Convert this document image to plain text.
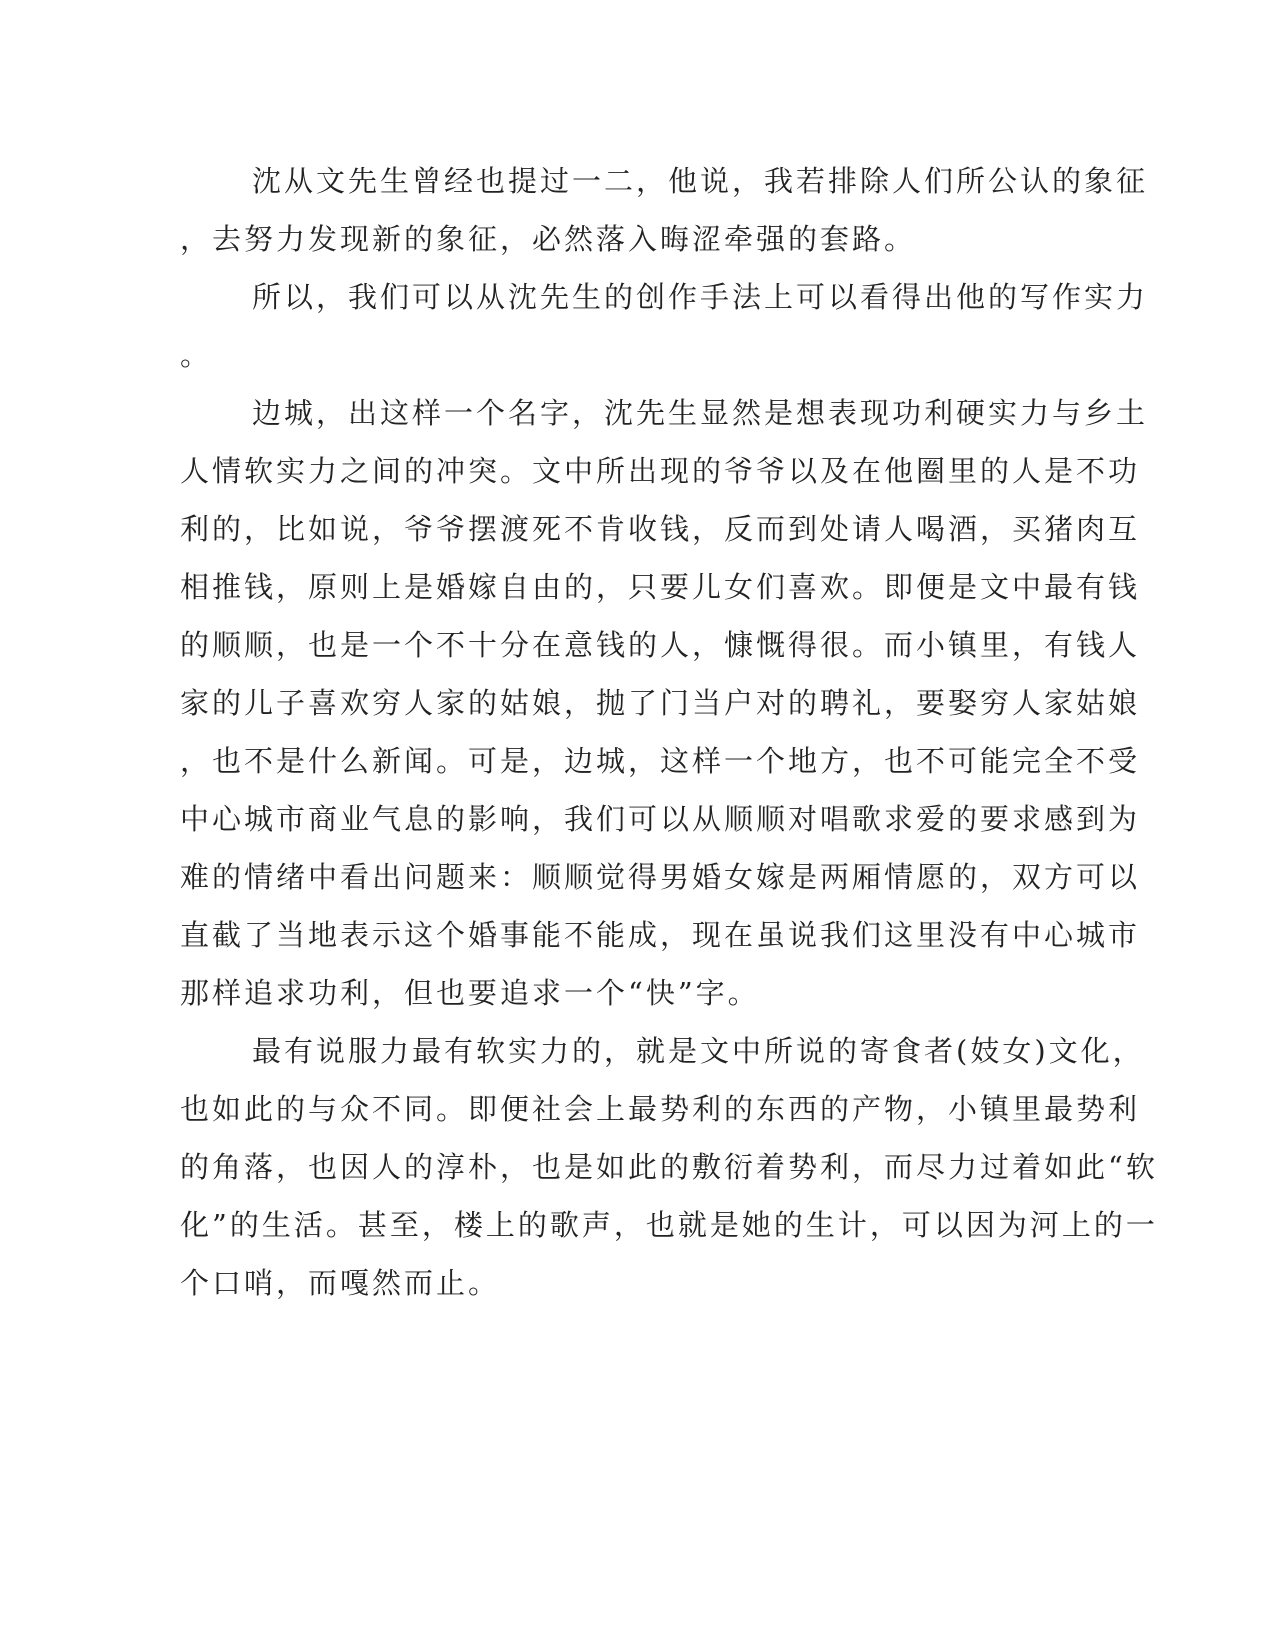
沈从文先生曾经也提过一二，他说，我若排除人们所公认的象征
，去努力发现新的象征，必然落入晦涩牵强的套路。
所以，我们可以从沈先生的创作手法上可以看得出他的写作实力
。
边城，出这样一个名字，沈先生显然是想表现功利硬实力与乡土
人情软实力之间的冲突。文中所出现的爷爷以及在他圈里的人是不功
利的，比如说，爷爷摆渡死不肯收钱，反而到处请人喝酒，买猪肉互
相推钱，原则上是婚嫁自由的，只要儿女们喜欢。即便是文中最有钱
的顺顺，也是一个不十分在意钱的人，慷慨得很。而小镇里，有钱人
家的儿子喜欢穷人家的姑娘，抛了门当户对的聘礼，要娶穷人家姑娘
，也不是什么新闻。可是，边城，这样一个地方，也不可能完全不受
中心城市商业气息的影响，我们可以从顺顺对唱歌求爱的要求感到为
难的情绪中看出问题来：顺顺觉得男婚女嫁是两厢情愿的，双方可以
直截了当地表示这个婚事能不能成，现在虽说我们这里没有中心城市
那样追求功利，但也要追求一个“快”字。
最有说服力最有软实力的，就是文中所说的寄食者(妓女)文化，
也如此的与众不同。即便社会上最势利的东西的产物，小镇里最势利
的角落，也因人的淳朴，也是如此的敷衍着势利，而尽力过着如此“软
化”的生活。甚至，楼上的歌声，也就是她的生计，可以因为河上的一
个口哨，而嘎然而止。
